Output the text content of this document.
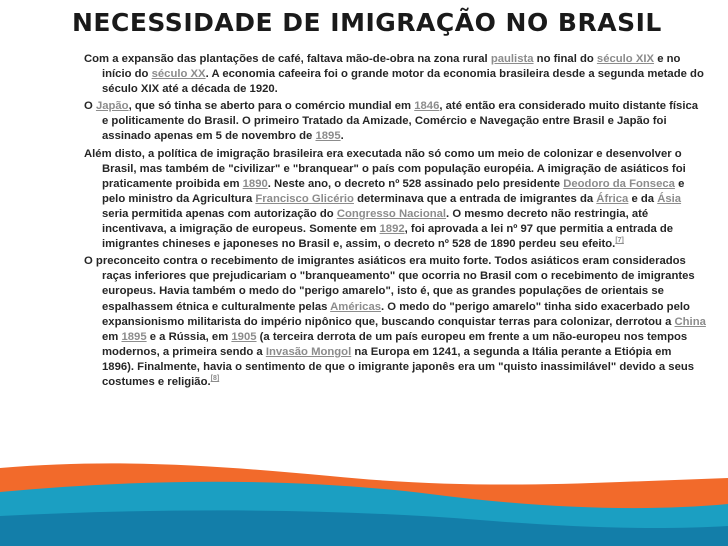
NECESSIDADE DE IMIGRAÇÃO NO BRASIL

Com a expansão das plantações de café, faltava mão-de-obra na zona rural paulista no final do século XIX e no início do século XX. A economia cafeeira foi o grande motor da economia brasileira desde a segunda metade do século XIX até a década de 1920.

O Japão, que só tinha se aberto para o comércio mundial em 1846, até então era considerado muito distante física e politicamente do Brasil. O primeiro Tratado da Amizade, Comércio e Navegação entre Brasil e Japão foi assinado apenas em 5 de novembro de 1895.

Além disto, a política de imigração brasileira era executada não só como um meio de colonizar e desenvolver o Brasil, mas também de "civilizar" e "branquear" o país com população européia. A imigração de asiáticos foi praticamente proibida em 1890. Neste ano, o decreto nº 528 assinado pelo presidente Deodoro da Fonseca e pelo ministro da Agricultura Francisco Glicério determinava que a entrada de imigrantes da África e da Ásia seria permitida apenas com autorização do Congresso Nacional. O mesmo decreto não restringia, até incentivava, a imigração de europeus. Somente em 1892, foi aprovada a lei nº 97 que permitia a entrada de imigrantes chineses e japoneses no Brasil e, assim, o decreto nº 528 de 1890 perdeu seu efeito.[7]

O preconceito contra o recebimento de imigrantes asiáticos era muito forte. Todos asiáticos eram considerados raças inferiores que prejudicariam o "branqueamento" que ocorria no Brasil com o recebimento de imigrantes europeus. Havia também o medo do "perigo amarelo", isto é, que as grandes populações de orientais se espalhassem étnica e culturalmente pelas Américas. O medo do "perigo amarelo" tinha sido exacerbado pelo expansionismo militarista do império nipônico que, buscando conquistar terras para colonizar, derrotou a China em 1895 e a Rússia, em 1905 (a terceira derrota de um país europeu em frente a um não-europeu nos tempos modernos, a primeira sendo a Invasão Mongol na Europa em 1241, a segunda a Itália perante a Etiópia em 1896). Finalmente, havia o sentimento de que o imigrante japonês era um "quisto inassimilável" devido a seus costumes e religião.[8]
